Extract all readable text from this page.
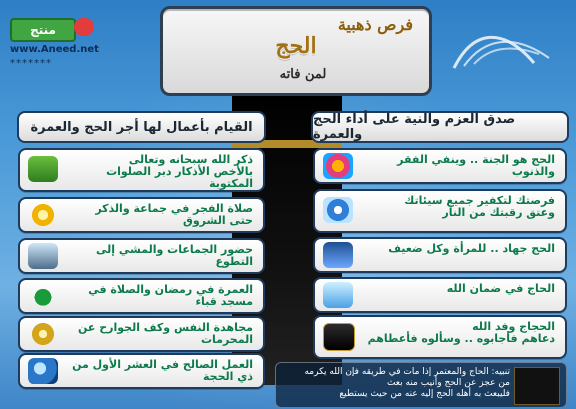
منتج
www.Aneed.net
*******
فرص ذهبية
الحج
لمن فاته
صدق العزم والنية على أداء الحج والعمرة
القيام بأعمال لها أجر الحج والعمرة
الحج هو الجنة .. وينفي الفقر والذنوب
فرصتك لتكفير جميع سيئاتك
وعتق رقبتك من النار
الحج جهاد .. للمرأة وكل ضعيف
الحاج في ضمان الله
الحجاج وفد الله
دعاهم فأجابوه .. وسألوه فأعطاهم
ذكر الله سبحانه وتعالى
بالأخص الأذكار دبر الصلوات المكتوبة
صلاة الفجر في جماعة والذكر حتى الشروق
حضور الجماعات والمشي إلى التطوع
العمرة في رمضان والصلاة في مسجد قباء
مجاهدة النفس وكف الجوارح عن المحرمات
العمل الصالح في العشر الأول من ذي الحجة	تنبيه: الحاج والمعتمر إذا مات في طريقه فإن الله يكرمه
من عجز عن الحج وأنيب منه بعث
فليبعث به أهله الحج إليه عنه من حيث يستطيع
